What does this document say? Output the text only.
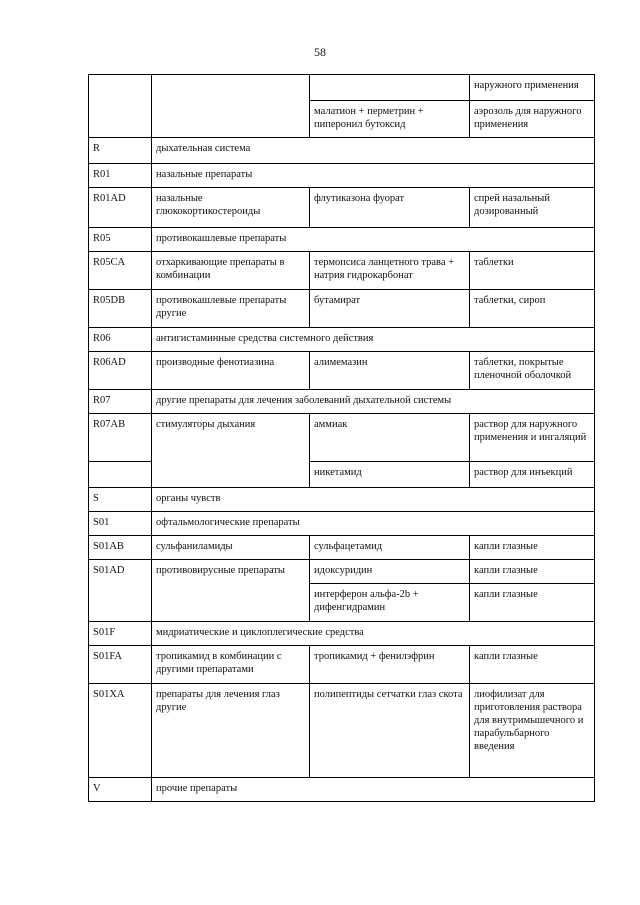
58
			наружного применения
		малатион + перметрин + пиперонил бутоксид	аэрозоль для наружного применения
R	дыхательная система		
R01	назальные препараты		
R01AD	назальные глюкокортикостероиды	флутиказона фуорат	спрей назальный дозированный
R05	противокашлевые препараты		
R05CA	отхаркивающие препараты в комбинации	термопсиса ланцетного трава + натрия гидрокарбонат	таблетки
R05DB	противокашлевые препараты другие	бутамират	таблетки, сироп
R06	антигистаминные средства системного действия		
R06AD	производные фенотиазина	алимемазин	таблетки, покрытые пленочной оболочкой
R07	другие препараты для лечения заболеваний дыхательной системы		
R07AB	стимуляторы дыхания	аммиак	раствор для наружного применения и ингаляций
		никетамид	раствор для инъекций
S	органы чувств		
S01	офтальмологические препараты		
S01AB	сульфаниламиды	сульфацетамид	капли глазные
S01AD	противовирусные препараты	идоксуридин	капли глазные
		интерферон альфа-2b + дифенгидрамин	капли глазные
S01F	мидриатические и циклоплегические средства		
S01FA	тропикамид в комбинации с другими препаратами	тропикамид + фенилэфрин	капли глазные
S01XA	препараты для лечения глаз другие	полипептиды сетчатки глаз скота	лиофилизат для приготовления раствора для внутримышечного и парабульбарного введения
V	прочие препараты		
